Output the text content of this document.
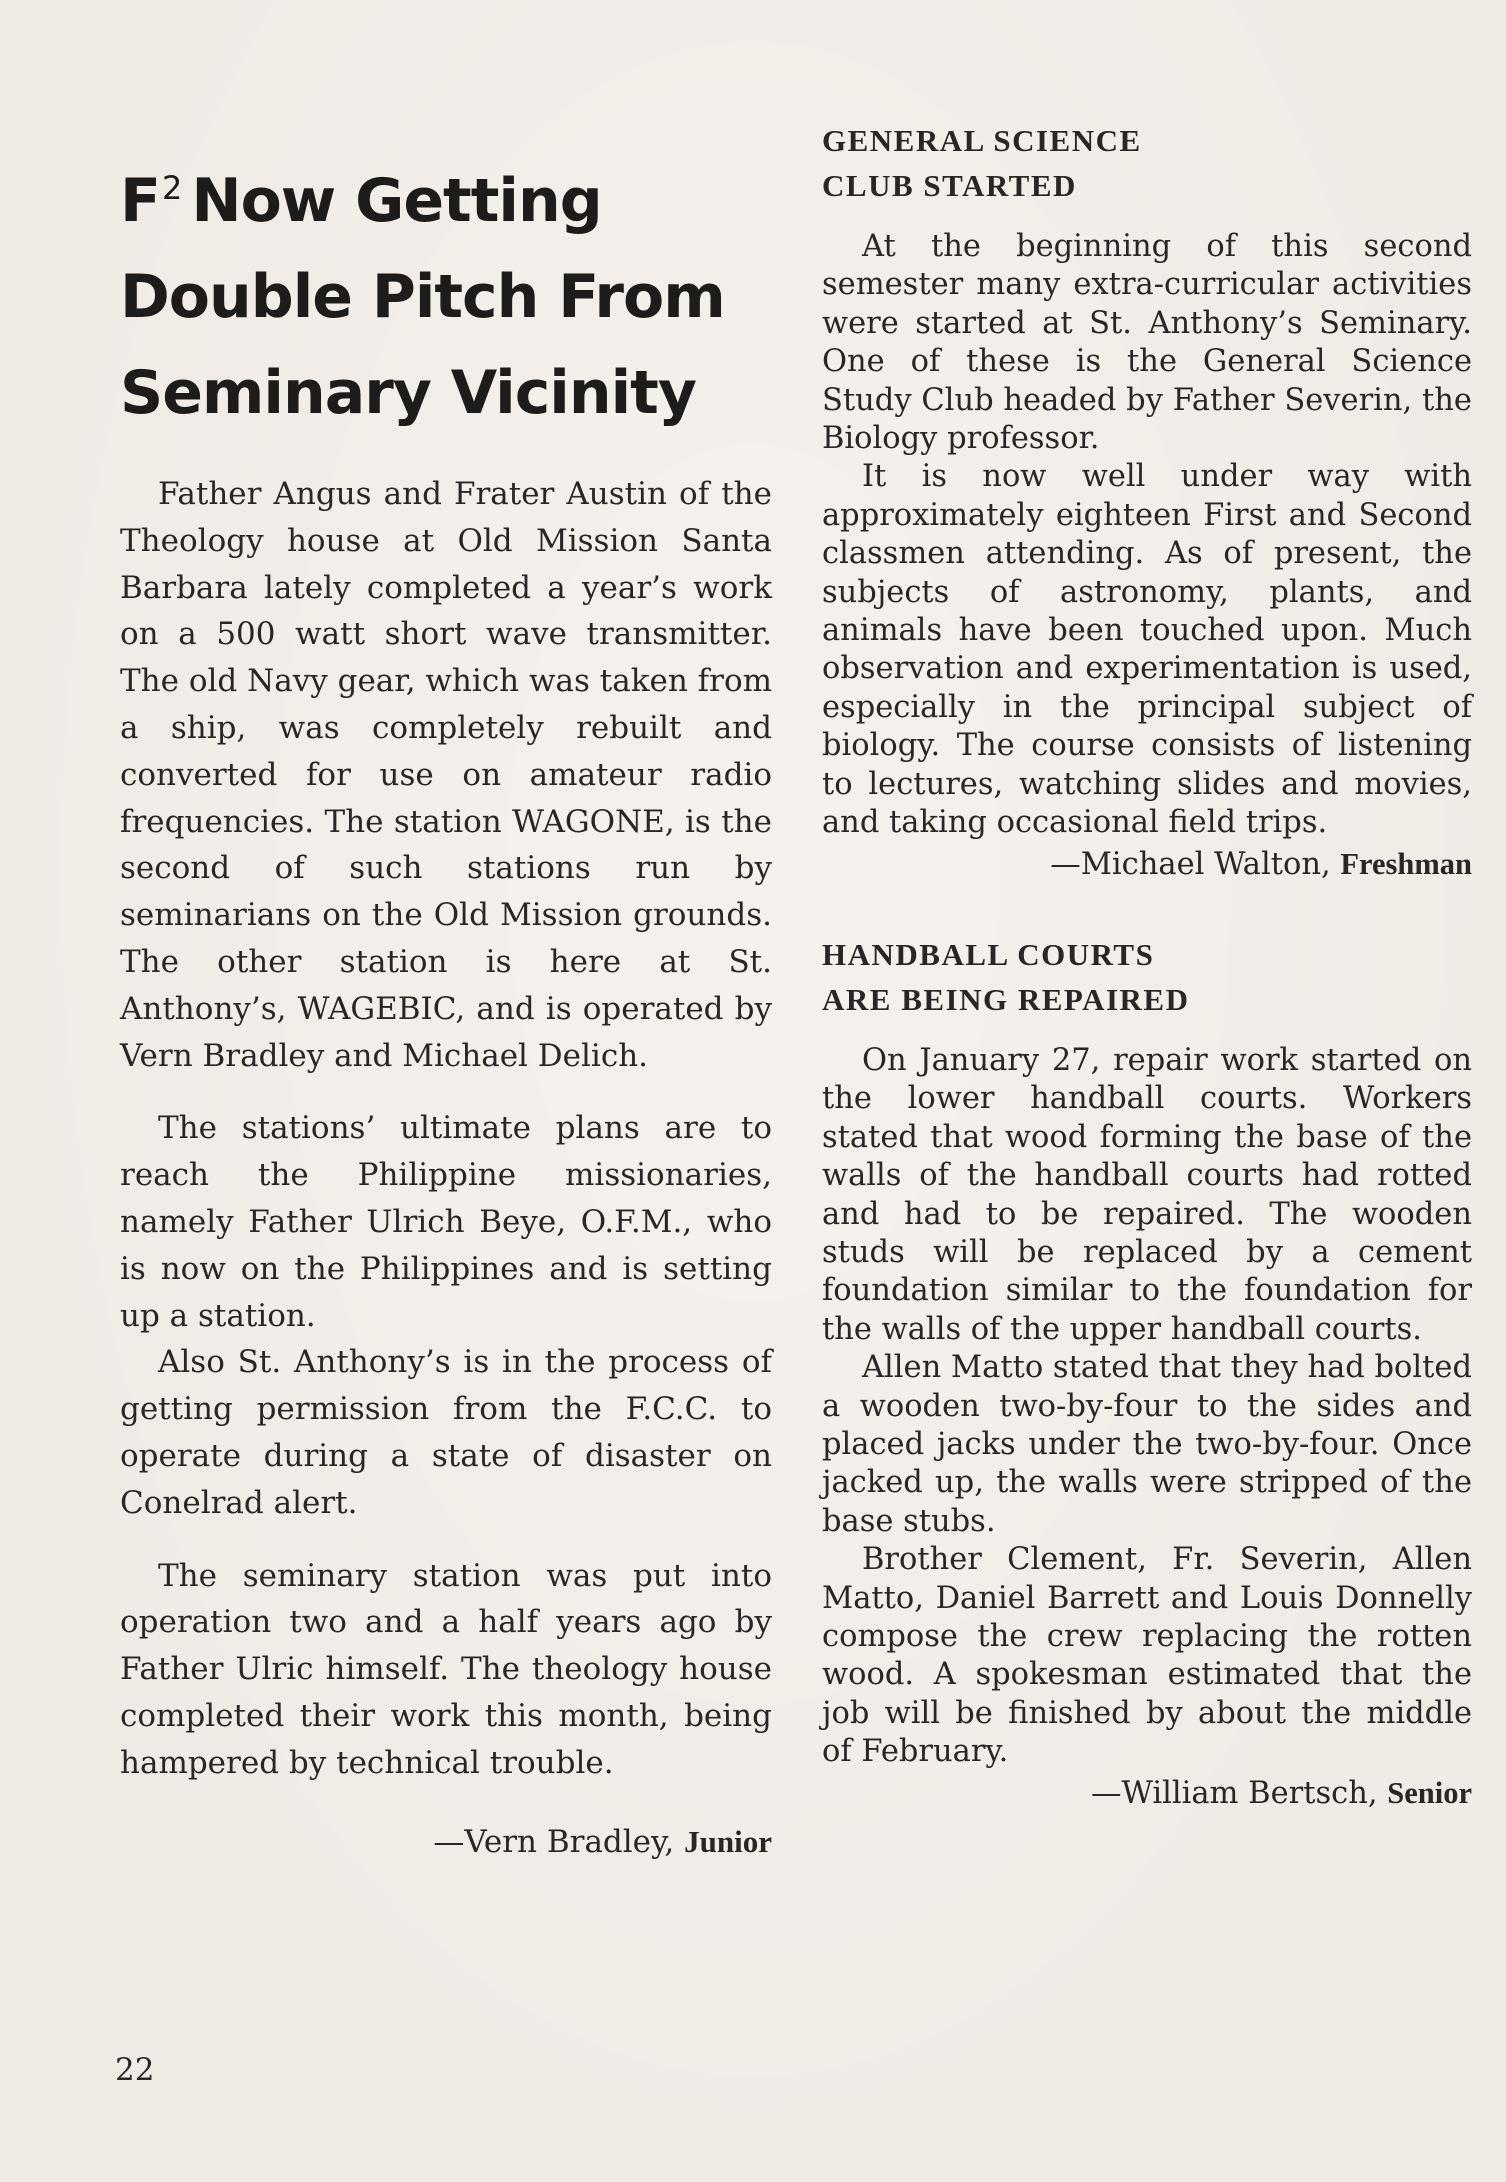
$F^2$ Now Getting
Double Pitch From
Seminary Vicinity

Father Angus and Frater Austin of the Theology house at Old Mission Santa Barbara lately completed a year’s work on a 500 watt short wave transmitter. The old Navy gear, which was taken from a ship, was completely rebuilt and converted for use on amateur radio frequencies. The station WAGONE, is the second of such stations run by seminarians on the Old Mission grounds. The other station is here at St. Anthony’s, WAGEBIC, and is operated by Vern Bradley and Michael Delich.

The stations’ ultimate plans are to reach the Philippine missionaries, namely Father Ulrich Beye, O.F.M., who is now on the Philippines and is setting up a station.

Also St. Anthony’s is in the process of getting permission from the F.C.C. to operate during a state of disaster on Conelrad alert.

The seminary station was put into operation two and a half years ago by Father Ulric himself. The theology house completed their work this month, being hampered by technical trouble.

—Vern Bradley, Junior

GENERAL SCIENCE
CLUB STARTED

At the beginning of this second semester many extra-curricular activities were started at St. Anthony’s Seminary. One of these is the General Science Study Club headed by Father Severin, the Biology professor.

It is now well under way with approximately eighteen First and Second classmen attending. As of present, the subjects of astronomy, plants, and animals have been touched upon. Much observation and experimentation is used, especially in the principal subject of biology. The course consists of listening to lectures, watching slides and movies, and taking occasional field trips.

—Michael Walton, Freshman

HANDBALL COURTS
ARE BEING REPAIRED

On January 27, repair work started on the lower handball courts. Workers stated that wood forming the base of the walls of the handball courts had rotted and had to be repaired. The wooden studs will be replaced by a cement foundation similar to the foundation for the walls of the upper handball courts.

Allen Matto stated that they had bolted a wooden two-by-four to the sides and placed jacks under the two-by-four. Once jacked up, the walls were stripped of the base stubs.

Brother Clement, Fr. Severin, Allen Matto, Daniel Barrett and Louis Donnelly compose the crew replacing the rotten wood. A spokesman estimated that the job will be finished by about the middle of February.

—William Bertsch, Senior

22
